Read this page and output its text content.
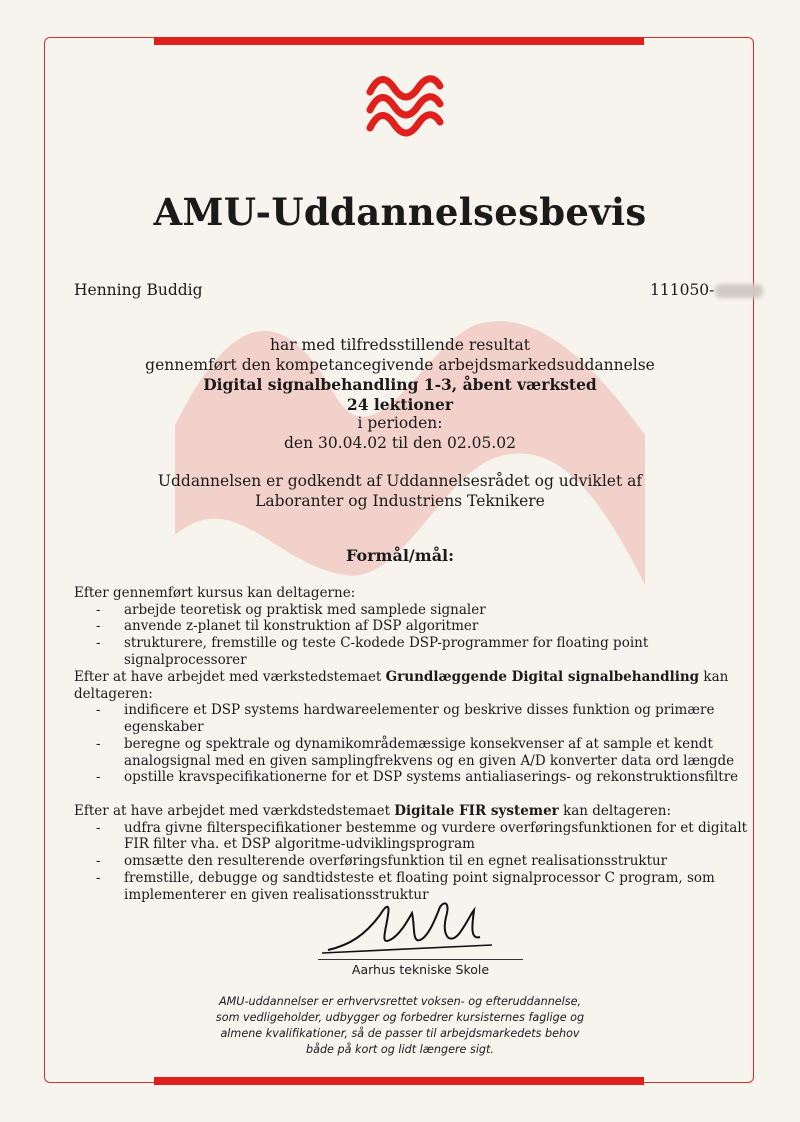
AMU-Uddannelsesbevis
Henning Buddig	111050-
har med tilfredsstillende resultat
gennemført den kompetancegivende arbejdsmarkedsuddannelse
Digital signalbehandling 1-3, åbent værksted
24 lektioner
i perioden:
den 30.04.02 til den 02.05.02
Uddannelsen er godkendt af Uddannelsesrådet og udviklet af
Laboranter og Industriens Teknikere
Formål/mål:
Efter gennemført kursus kan deltagerne:
- arbejde teoretisk og praktisk med samplede signaler
- anvende z-planet til konstruktion af DSP algoritmer
- strukturere, fremstille og teste C-kodede DSP-programmer for floating point signalprocessorer
Efter at have arbejdet med værkstedstemaet Grundlæggende Digital signalbehandling kan deltageren:
- indificere et DSP systems hardwareelementer og beskrive disses funktion og primære egenskaber
- beregne og spektrale og dynamikområdemæssige konsekvenser af at sample et kendt analogsignal med en given samplingfrekvens og en given A/D konverter data ord længde
- opstille kravspecifikationerne for et DSP systems antialiaserings- og rekonstruktionsfiltre
Efter at have arbejdet med værkdstedstemaet Digitale FIR systemer kan deltageren:
- udfra givne filterspecifikationer bestemme og vurdere overføringsfunktionen for et digitalt FIR filter vha. et DSP algoritme-udviklingsprogram
- omsætte den resulterende overføringsfunktion til en egnet realisationsstruktur
- fremstille, debugge og sandtidsteste et floating point signalprocessor C program, som implementerer en given realisationsstruktur
Aarhus tekniske Skole
AMU-uddannelser er erhvervsrettet voksen- og efteruddannelse,
som vedligeholder, udbygger og forbedrer kursisternes faglige og
almene kvalifikationer, så de passer til arbejdsmarkedets behov
både på kort og lidt længere sigt.
